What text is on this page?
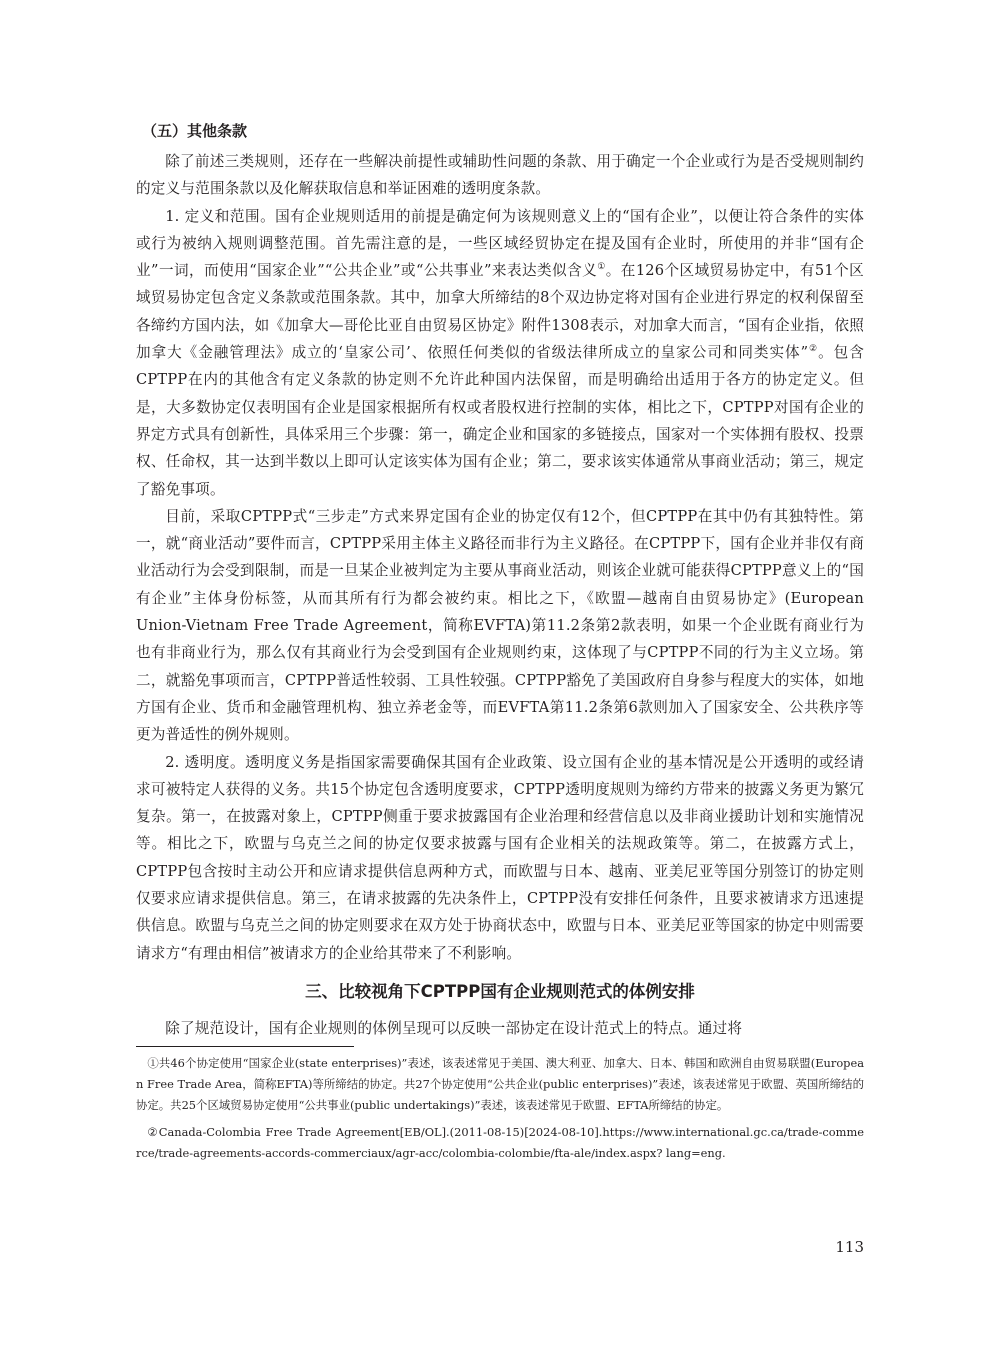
（五）其他条款

除了前述三类规则，还存在一些解决前提性或辅助性问题的条款、用于确定一个企业或行为是否受规则制约的定义与范围条款以及化解获取信息和举证困难的透明度条款。

1. 定义和范围。国有企业规则适用的前提是确定何为该规则意义上的“国有企业”，以便让符合条件的实体或行为被纳入规则调整范围。首先需注意的是，一些区域经贸协定在提及国有企业时，所使用的并非“国有企业”一词，而使用“国家企业”“公共企业”或“公共事业”来表达类似含义①。在126个区域贸易协定中，有51个区域贸易协定包含定义条款或范围条款。其中，加拿大所缔结的8个双边协定将对国有企业进行界定的权利保留至各缔约方国内法，如《加拿大—哥伦比亚自由贸易区协定》附件1308表示，对加拿大而言，“国有企业指，依照加拿大《金融管理法》成立的‘皇家公司’、依照任何类似的省级法律所成立的皇家公司和同类实体”②。包含CPTPP在内的其他含有定义条款的协定则不允许此种国内法保留，而是明确给出适用于各方的协定定义。但是，大多数协定仅表明国有企业是国家根据所有权或者股权进行控制的实体，相比之下，CPTPP对国有企业的界定方式具有创新性，具体采用三个步骤：第一，确定企业和国家的多链接点，国家对一个实体拥有股权、投票权、任命权，其一达到半数以上即可认定该实体为国有企业；第二，要求该实体通常从事商业活动；第三，规定了豁免事项。

目前，采取CPTPP式“三步走”方式来界定国有企业的协定仅有12个，但CPTPP在其中仍有其独特性。第一，就“商业活动”要件而言，CPTPP采用主体主义路径而非行为主义路径。在CPTPP下，国有企业并非仅有商业活动行为会受到限制，而是一旦某企业被判定为主要从事商业活动，则该企业就可能获得CPTPP意义上的“国有企业”主体身份标签，从而其所有行为都会被约束。相比之下，《欧盟—越南自由贸易协定》(European Union-Vietnam Free Trade Agreement，简称EVFTA)第11.2条第2款表明，如果一个企业既有商业行为也有非商业行为，那么仅有其商业行为会受到国有企业规则约束，这体现了与CPTPP不同的行为主义立场。第二，就豁免事项而言，CPTPP普适性较弱、工具性较强。CPTPP豁免了美国政府自身参与程度大的实体，如地方国有企业、货币和金融管理机构、独立养老金等，而EVFTA第11.2条第6款则加入了国家安全、公共秩序等更为普适性的例外规则。

2. 透明度。透明度义务是指国家需要确保其国有企业政策、设立国有企业的基本情况是公开透明的或经请求可被特定人获得的义务。共15个协定包含透明度要求，CPTPP透明度规则为缔约方带来的披露义务更为繁冗复杂。第一，在披露对象上，CPTPP侧重于要求披露国有企业治理和经营信息以及非商业援助计划和实施情况等。相比之下，欧盟与乌克兰之间的协定仅要求披露与国有企业相关的法规政策等。第二，在披露方式上，CPTPP包含按时主动公开和应请求提供信息两种方式，而欧盟与日本、越南、亚美尼亚等国分别签订的协定则仅要求应请求提供信息。第三，在请求披露的先决条件上，CPTPP没有安排任何条件，且要求被请求方迅速提供信息。欧盟与乌克兰之间的协定则要求在双方处于协商状态中，欧盟与日本、亚美尼亚等国家的协定中则需要请求方“有理由相信”被请求方的企业给其带来了不利影响。

三、比较视角下CPTPP国有企业规则范式的体例安排

除了规范设计，国有企业规则的体例呈现可以反映一部协定在设计范式上的特点。通过将

①共46个协定使用“国家企业(state enterprises)”表述，该表述常见于美国、澳大利亚、加拿大、日本、韩国和欧洲自由贸易联盟(European Free Trade Area，简称EFTA)等所缔结的协定。共27个协定使用“公共企业(public enterprises)”表述，该表述常见于欧盟、英国所缔结的协定。共25个区域贸易协定使用“公共事业(public undertakings)”表述，该表述常见于欧盟、EFTA所缔结的协定。

②Canada-Colombia Free Trade Agreement[EB/OL].(2011-08-15)[2024-08-10].https://www.international.gc.ca/trade-commerce/trade-agreements-accords-commerciaux/agr-acc/colombia-colombie/fta-ale/index.aspx? lang=eng.

113
